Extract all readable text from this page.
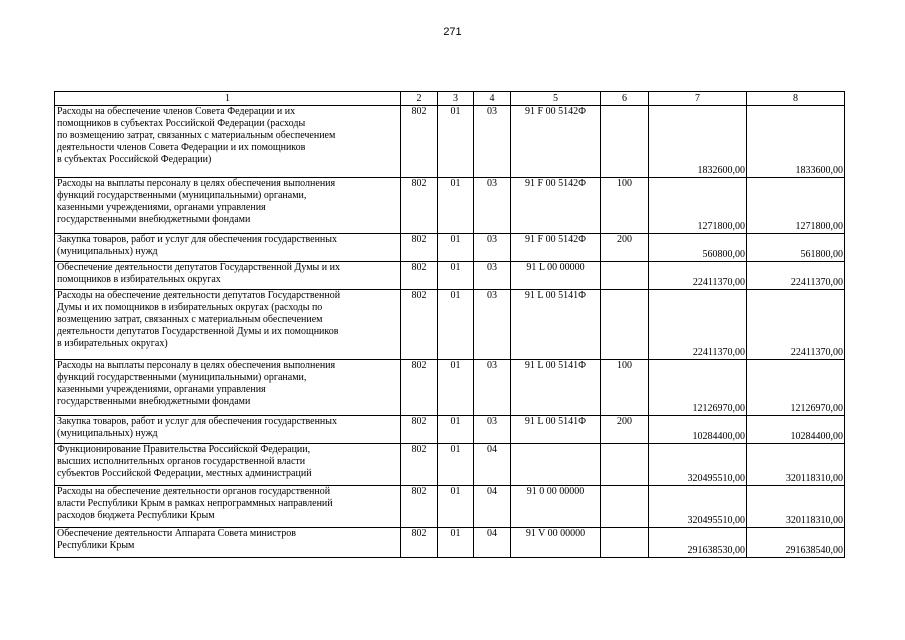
271
1	2	3	4	5	6	7	8

Расходы на обеспечение членов Совета Федерации и их
помощников в субъектах Российской Федерации (расходы
по возмещению затрат, связанных с материальным обеспечением
деятельности членов Совета Федерации и их помощников
в субъектах Российской Федерации)	802	01	03	91 F 00 5142Ф		1832600,00	1833600,00

Расходы на выплаты персоналу в целях обеспечения выполнения
функций государственными (муниципальными) органами,
казенными учреждениями, органами управления
государственными внебюджетными фондами	802	01	03	91 F 00 5142Ф	100	1271800,00	1271800,00

Закупка товаров, работ и услуг для обеспечения государственных
(муниципальных) нужд	802	01	03	91 F 00 5142Ф	200	560800,00	561800,00

Обеспечение деятельности депутатов Государственной Думы и их
помощников в избирательных округах	802	01	03	91 L 00 00000		22411370,00	22411370,00

Расходы на обеспечение деятельности депутатов Государственной
Думы и их помощников в избирательных округах (расходы по
возмещению затрат, связанных с материальным обеспечением
деятельности депутатов Государственной Думы и их помощников
в избирательных округах)	802	01	03	91 L 00 5141Ф		22411370,00	22411370,00

Расходы на выплаты персоналу в целях обеспечения выполнения
функций государственными (муниципальными) органами,
казенными учреждениями, органами управления
государственными внебюджетными фондами	802	01	03	91 L 00 5141Ф	100	12126970,00	12126970,00

Закупка товаров, работ и услуг для обеспечения государственных
(муниципальных) нужд	802	01	03	91 L 00 5141Ф	200	10284400,00	10284400,00

Функционирование Правительства Российской Федерации,
высших исполнительных органов государственной власти
субъектов Российской Федерации, местных администраций	802	01	04			320495510,00	320118310,00

Расходы на обеспечение деятельности органов государственной
власти Республики Крым в рамках непрограммных направлений
расходов бюджета Республики Крым	802	01	04	91 0 00 00000		320495510,00	320118310,00

Обеспечение деятельности Аппарата Совета министров
Республики Крым	802	01	04	91 V 00 00000		291638530,00	291638540,00
